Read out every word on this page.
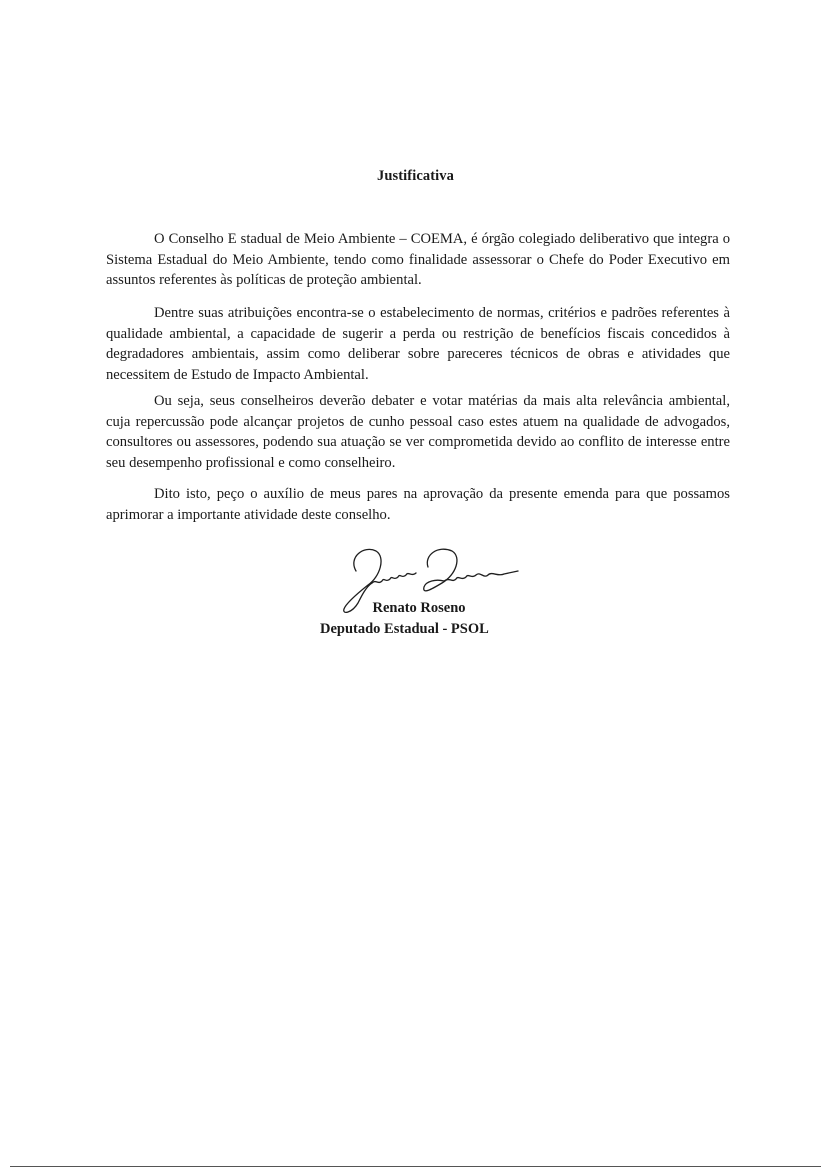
Justificativa

O Conselho E stadual de Meio Ambiente – COEMA, é órgão colegiado deliberativo que integra o Sistema Estadual do Meio Ambiente, tendo como finalidade assessorar o Chefe do Poder Executivo em assuntos referentes às políticas de proteção ambiental.

Dentre suas atribuições encontra-se o estabelecimento de normas, critérios e padrões referentes à qualidade ambiental, a capacidade de sugerir a perda ou restrição de benefícios fiscais concedidos à degradadores ambientais, assim como deliberar sobre pareceres técnicos de obras e atividades que necessitem de Estudo de Impacto Ambiental.

Ou seja, seus conselheiros deverão debater e votar matérias da mais alta relevância ambiental, cuja repercussão pode alcançar projetos de cunho pessoal caso estes atuem na qualidade de advogados, consultores ou assessores, podendo sua atuação se ver comprometida devido ao conflito de interesse entre seu desempenho profissional e como conselheiro.

Dito isto, peço o auxílio de meus pares na aprovação da presente emenda para que possamos aprimorar a importante atividade deste conselho.

Renato Roseno
Deputado Estadual - PSOL
